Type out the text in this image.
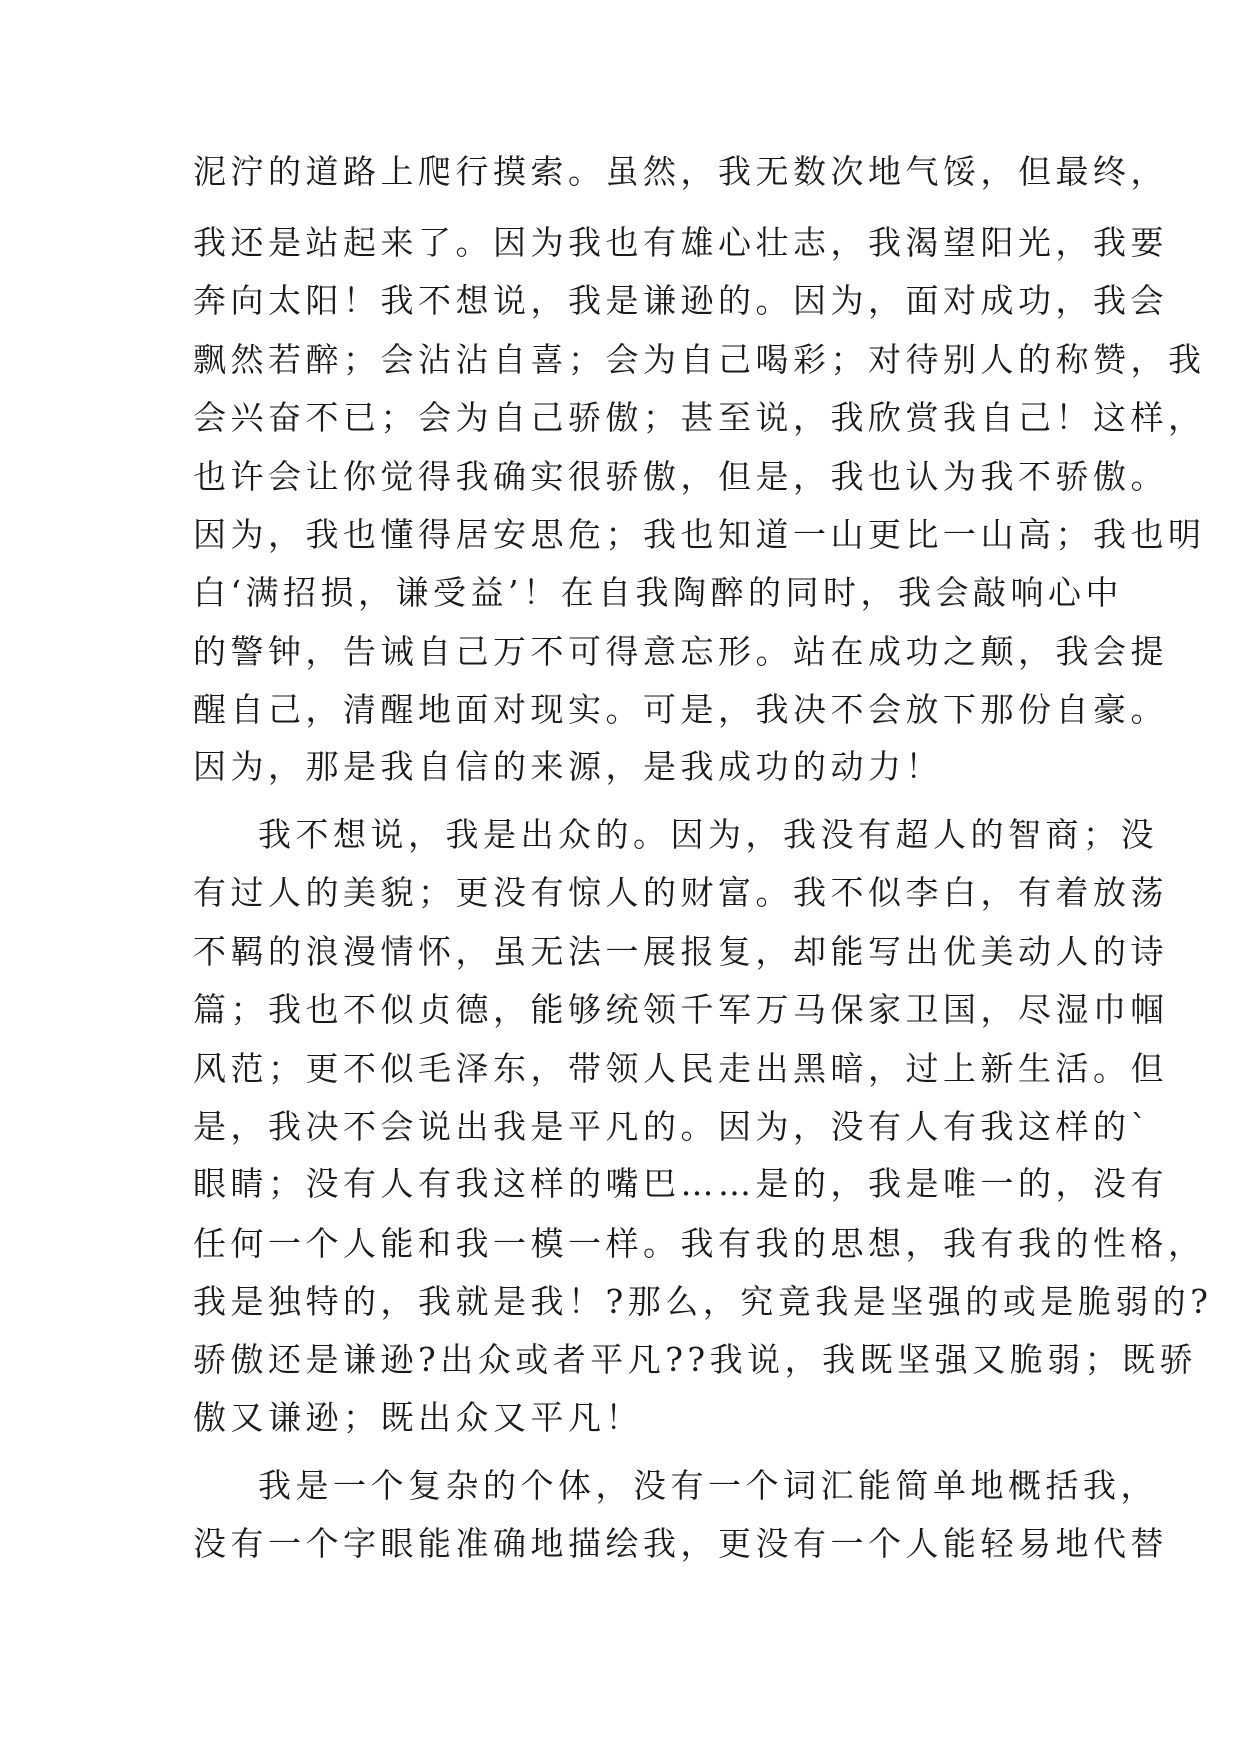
泥泞的道路上爬行摸索。虽然，我无数次地气馁，但最终，
我还是站起来了。因为我也有雄心壮志，我渴望阳光，我要
奔向太阳！我不想说，我是谦逊的。因为，面对成功，我会
飘然若醉；会沾沾自喜；会为自己喝彩；对待别人的称赞，我
会兴奋不已；会为自己骄傲；甚至说，我欣赏我自己！这样，
也许会让你觉得我确实很骄傲，但是，我也认为我不骄傲。
因为，我也懂得居安思危；我也知道一山更比一山高；我也明
白‘满招损，谦受益’！在自我陶醉的同时，我会敲响心中
的警钟，告诫自己万不可得意忘形。站在成功之颠，我会提
醒自己，清醒地面对现实。可是，我决不会放下那份自豪。
因为，那是我自信的来源，是我成功的动力！
我不想说，我是出众的。因为，我没有超人的智商；没
有过人的美貌；更没有惊人的财富。我不似李白，有着放荡
不羁的浪漫情怀，虽无法一展报复，却能写出优美动人的诗
篇；我也不似贞德，能够统领千军万马保家卫国，尽湿巾帼
风范；更不似毛泽东，带领人民走出黑暗，过上新生活。但
是，我决不会说出我是平凡的。因为，没有人有我这样的`
眼睛；没有人有我这样的嘴巴……是的，我是唯一的，没有
任何一个人能和我一模一样。我有我的思想，我有我的性格，
我是独特的，我就是我！?那么，究竟我是坚强的或是脆弱的?
骄傲还是谦逊?出众或者平凡??我说，我既坚强又脆弱；既骄
傲又谦逊；既出众又平凡！
我是一个复杂的个体，没有一个词汇能简单地概括我，
没有一个字眼能准确地描绘我，更没有一个人能轻易地代替
